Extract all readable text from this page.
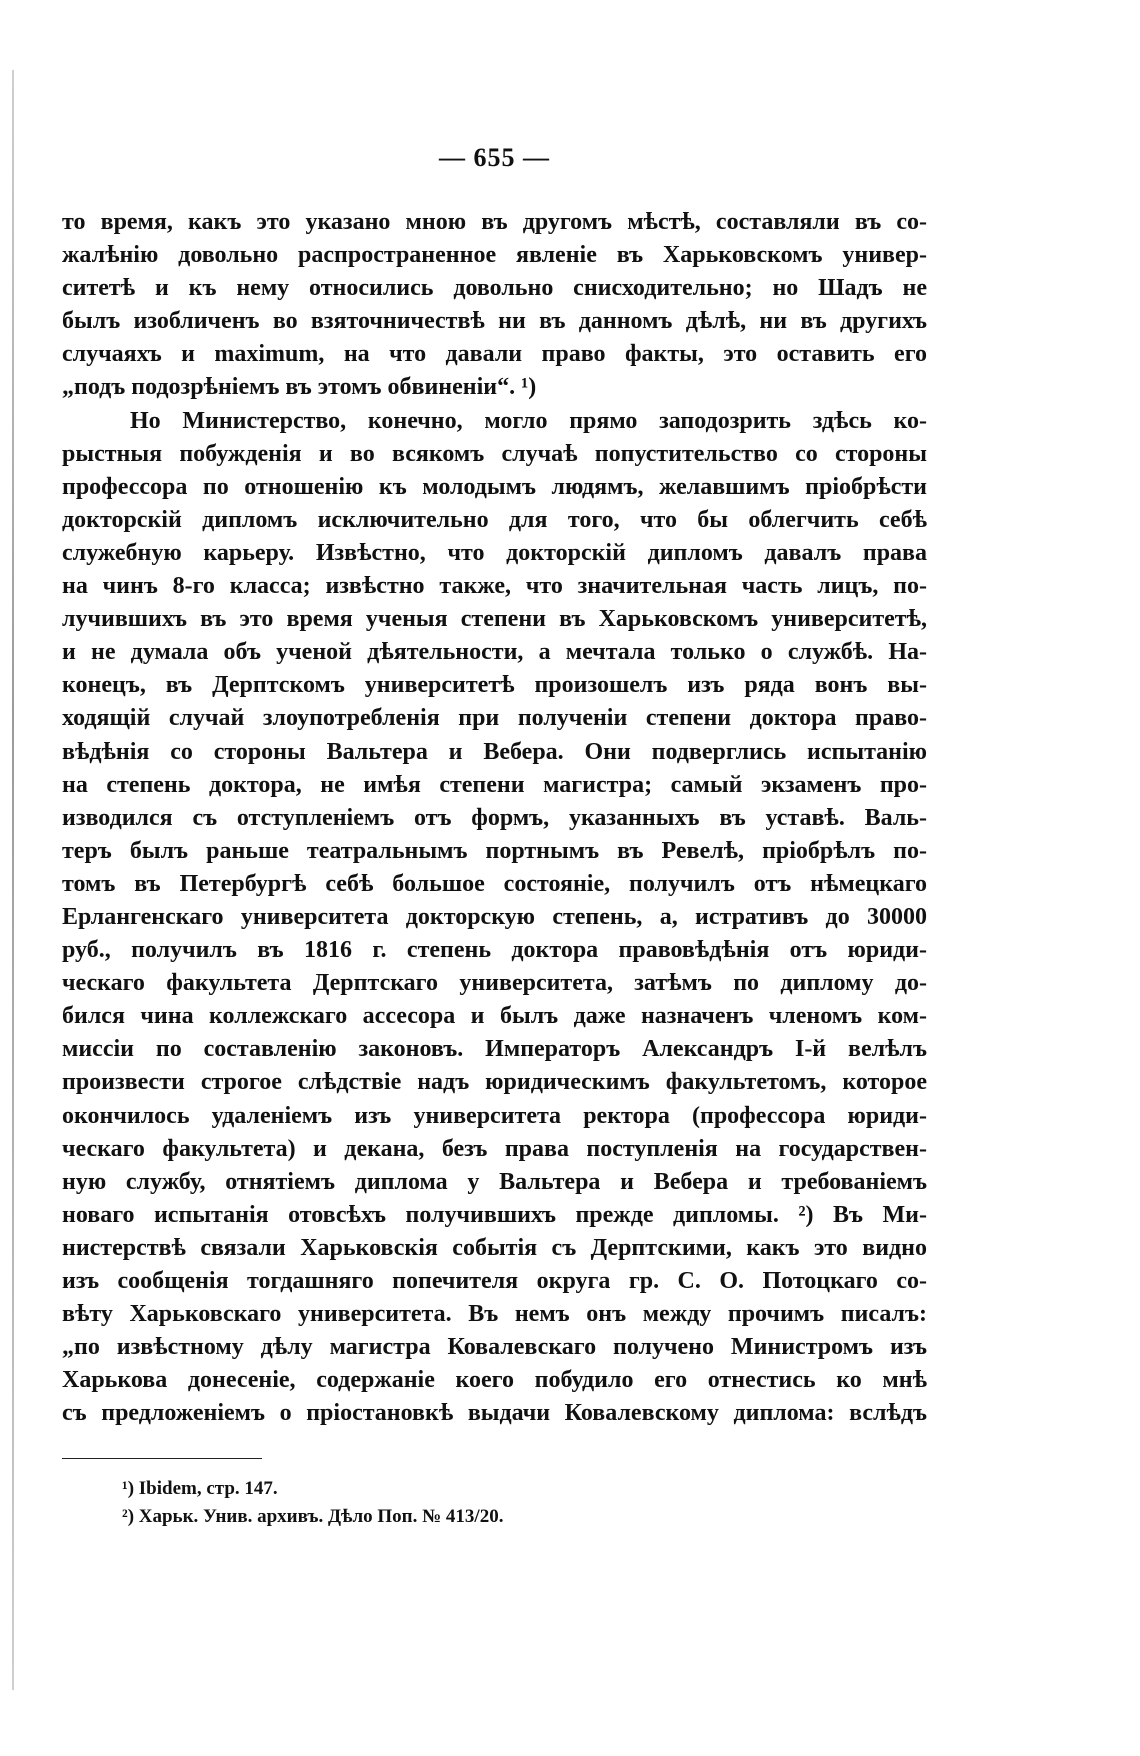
— 655 —
то время, какъ это указано мною въ другомъ мѣстѣ, составляли въ со-
жалѣнію довольно распространенное явленіе въ Харьковскомъ универ-
ситетѣ и къ нему относились довольно снисходительно; но Шадъ не
былъ изобличенъ во взяточничествѣ ни въ данномъ дѣлѣ, ни въ другихъ
случаяхъ и maximum, на что давали право факты, это оставить его
„подъ подозрѣніемъ въ этомъ обвиненіи“. ¹)
Но Министерство, конечно, могло прямо заподозрить здѣсь ко-
рыстныя побужденія и во всякомъ случаѣ попустительство со стороны
профессора по отношенію къ молодымъ людямъ, желавшимъ пріобрѣсти
докторскій дипломъ исключительно для того, что бы облегчить себѣ
служебную карьеру. Извѣстно, что докторскій дипломъ давалъ права
на чинъ 8-го класса; извѣстно также, что значительная часть лицъ, по-
лучившихъ въ это время ученыя степени въ Харьковскомъ университетѣ,
и не думала объ ученой дѣятельности, а мечтала только о службѣ. На-
конецъ, въ Дерптскомъ университетѣ произошелъ изъ ряда вонъ вы-
ходящій случай злоупотребленія при полученіи степени доктора право-
вѣдѣнія со стороны Вальтера и Вебера. Они подверглись испытанію
на степень доктора, не имѣя степени магистра; самый экзаменъ про-
изводился съ отступленіемъ отъ формъ, указанныхъ въ уставѣ. Валь-
теръ былъ раньше театральнымъ портнымъ въ Ревелѣ, пріобрѣлъ по-
томъ въ Петербургѣ себѣ большое состояніе, получилъ отъ нѣмецкаго
Ерлангенскаго университета докторскую степень, а, истративъ до 30000
руб., получилъ въ 1816 г. степень доктора правовѣдѣнія отъ юриди-
ческаго факультета Дерптскаго университета, затѣмъ по диплому до-
бился чина коллежскаго ассесора и былъ даже назначенъ членомъ ком-
миссіи по составленію законовъ. Императоръ Александръ І-й велѣлъ
произвести строгое слѣдствіе надъ юридическимъ факультетомъ, которое
окончилось удаленіемъ изъ университета ректора (профессора юриди-
ческаго факультета) и декана, безъ права поступленія на государствен-
ную службу, отнятіемъ диплома у Вальтера и Вебера и требованіемъ
новаго испытанія отовсѣхъ получившихъ прежде дипломы. ²) Въ Ми-
нистерствѣ связали Харьковскія событія съ Дерптскими, какъ это видно
изъ сообщенія тогдашняго попечителя округа гр. С. О. Потоцкаго со-
вѣту Харьковскаго университета. Въ немъ онъ между прочимъ писалъ:
„по извѣстному дѣлу магистра Ковалевскаго получено Министромъ изъ
Харькова донесеніе, содержаніе коего побудило его отнестись ко мнѣ
съ предложеніемъ о пріостановкѣ выдачи Ковалевскому диплома: вслѣдъ
¹) Ibidem, стр. 147.
²) Харьк. Унив. архивъ. Дѣло Поп. № 413/20.
